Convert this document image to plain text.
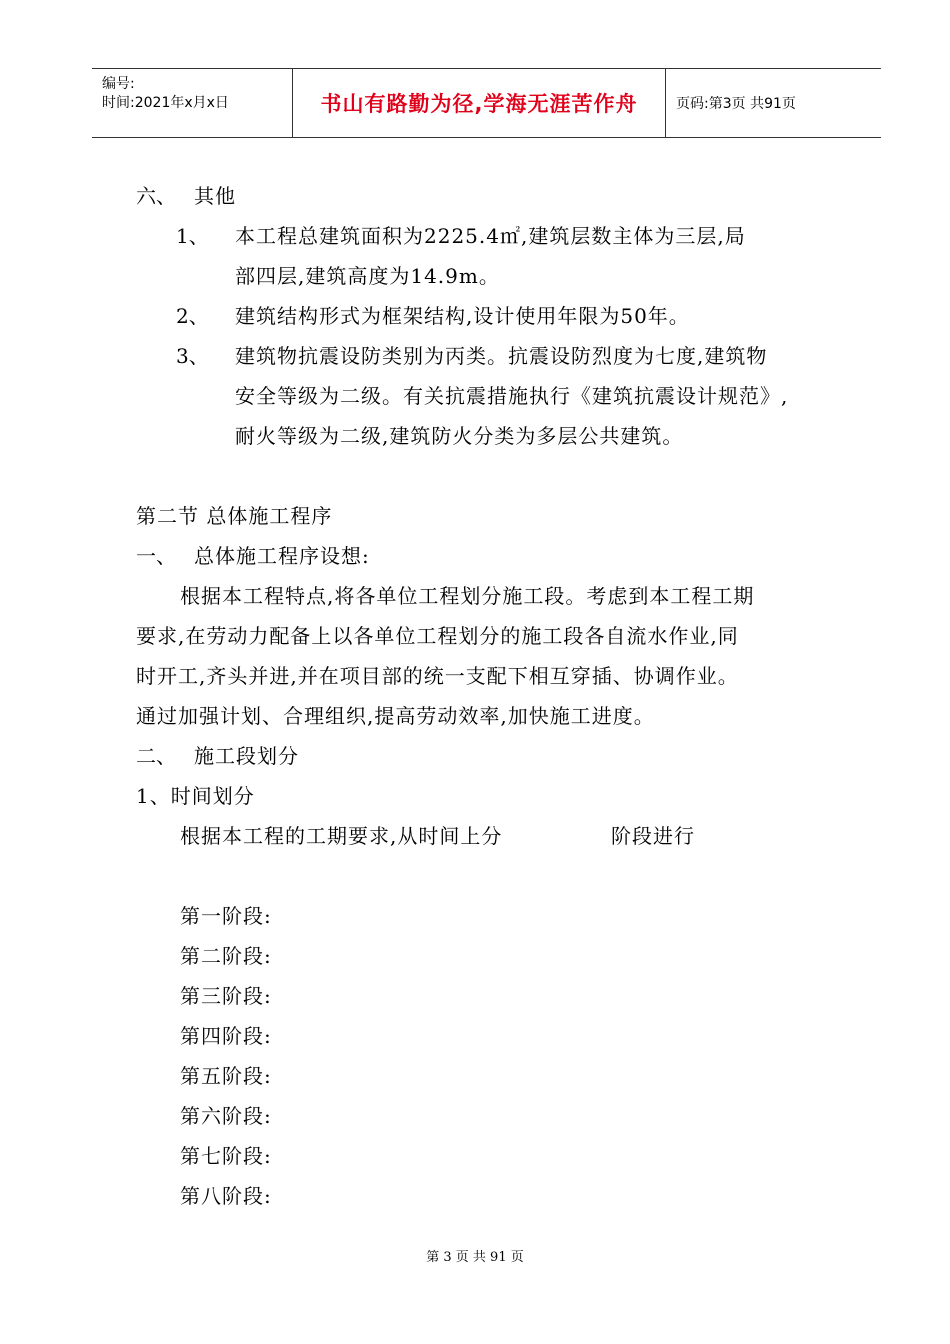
编号:
时间:2021年x月x日	书山有路勤为径,学海无涯苦作舟	页码:第3页 共91页
六、 其他
1、 本工程总建筑面积为2225.4㎡,建筑层数主体为三层,局
部四层,建筑高度为14.9m。
2、 建筑结构形式为框架结构,设计使用年限为50年。
3、 建筑物抗震设防类别为丙类。抗震设防烈度为七度,建筑物
安全等级为二级。有关抗震措施执行《建筑抗震设计规范》,
耐火等级为二级,建筑防火分类为多层公共建筑。
第二节 总体施工程序
一、 总体施工程序设想:
根据本工程特点,将各单位工程划分施工段。考虑到本工程工期
要求,在劳动力配备上以各单位工程划分的施工段各自流水作业,同
时开工,齐头并进,并在项目部的统一支配下相互穿插、协调作业。
通过加强计划、合理组织,提高劳动效率,加快施工进度。
二、 施工段划分
1、时间划分
根据本工程的工期要求,从时间上分	阶段进行
第一阶段:
第二阶段:
第三阶段:
第四阶段:
第五阶段:
第六阶段:
第七阶段:
第八阶段:
第 3 页 共 91 页
